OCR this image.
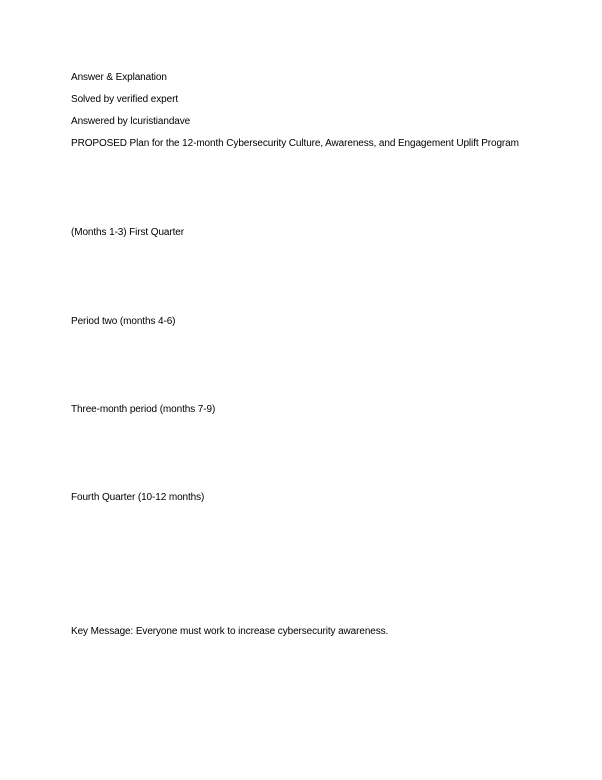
Answer & Explanation
Solved by verified expert
Answered by lcuristiandave
PROPOSED Plan for the 12-month Cybersecurity Culture, Awareness, and Engagement Uplift Program
(Months 1-3) First Quarter
Period two (months 4-6)
Three-month period (months 7-9)
Fourth Quarter (10-12 months)
Key Message: Everyone must work to increase cybersecurity awareness.
